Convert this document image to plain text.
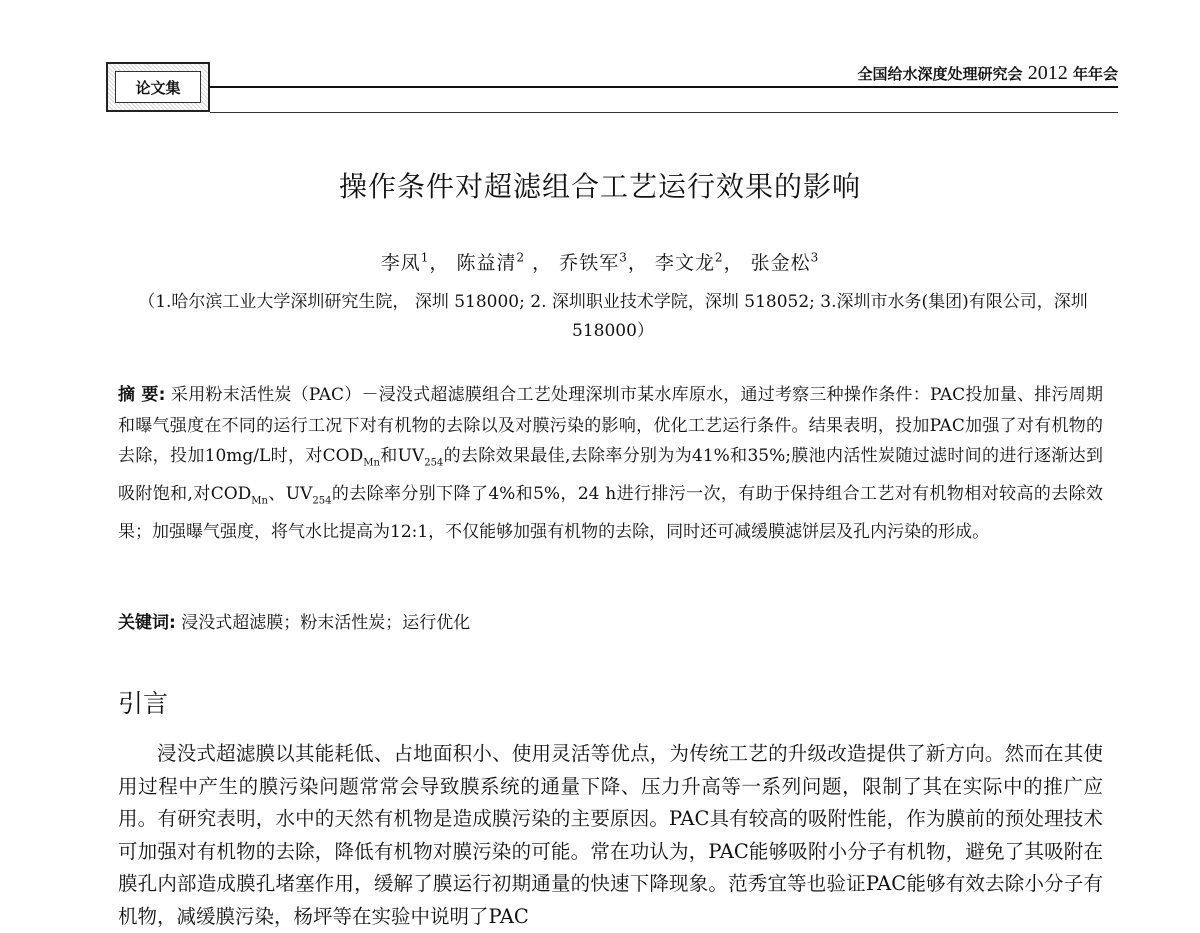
论文集
全国给水深度处理研究会 2012 年年会
操作条件对超滤组合工艺运行效果的影响
李凤$^1$， 陈益清$^2$ ， 乔铁军$^3$， 李文龙$^2$， 张金松$^3$
（1.哈尔滨工业大学深圳研究生院， 深圳 518000; 2. 深圳职业技术学院，深圳 518052; 3.深圳市水务(集团)有限公司，深圳 518000）
摘 要: 采用粉末活性炭（PAC）－浸没式超滤膜组合工艺处理深圳市某水库原水，通过考察三种操作条件：PAC投加量、排污周期和曝气强度在不同的运行工况下对有机物的去除以及对膜污染的影响，优化工艺运行条件。结果表明，投加PAC加强了对有机物的去除，投加10mg/L时，对$COD_{Mn}$和$UV_{254}$的去除效果最佳,去除率分别为为41%和35%;膜池内活性炭随过滤时间的进行逐渐达到吸附饱和,对$COD_{Mn}$、$UV_{254}$的去除率分别下降了4%和5%，24 h进行排污一次，有助于保持组合工艺对有机物相对较高的去除效果；加强曝气强度，将气水比提高为12:1，不仅能够加强有机物的去除，同时还可减缓膜滤饼层及孔内污染的形成。
关键词: 浸没式超滤膜；粉末活性炭；运行优化
引言
浸没式超滤膜以其能耗低、占地面积小、使用灵活等优点，为传统工艺的升级改造提供了新方向。然而在其使用过程中产生的膜污染问题常常会导致膜系统的通量下降、压力升高等一系列问题，限制了其在实际中的推广应用。有研究表明，水中的天然有机物是造成膜污染的主要原因。PAC具有较高的吸附性能，作为膜前的预处理技术可加强对有机物的去除，降低有机物对膜污染的可能。常在功认为，PAC能够吸附小分子有机物，避免了其吸附在膜孔内部造成膜孔堵塞作用，缓解了膜运行初期通量的快速下降现象。范秀宜等也验证PAC能够有效去除小分子有机物，减缓膜污染，杨坪等在实验中说明了PAC
